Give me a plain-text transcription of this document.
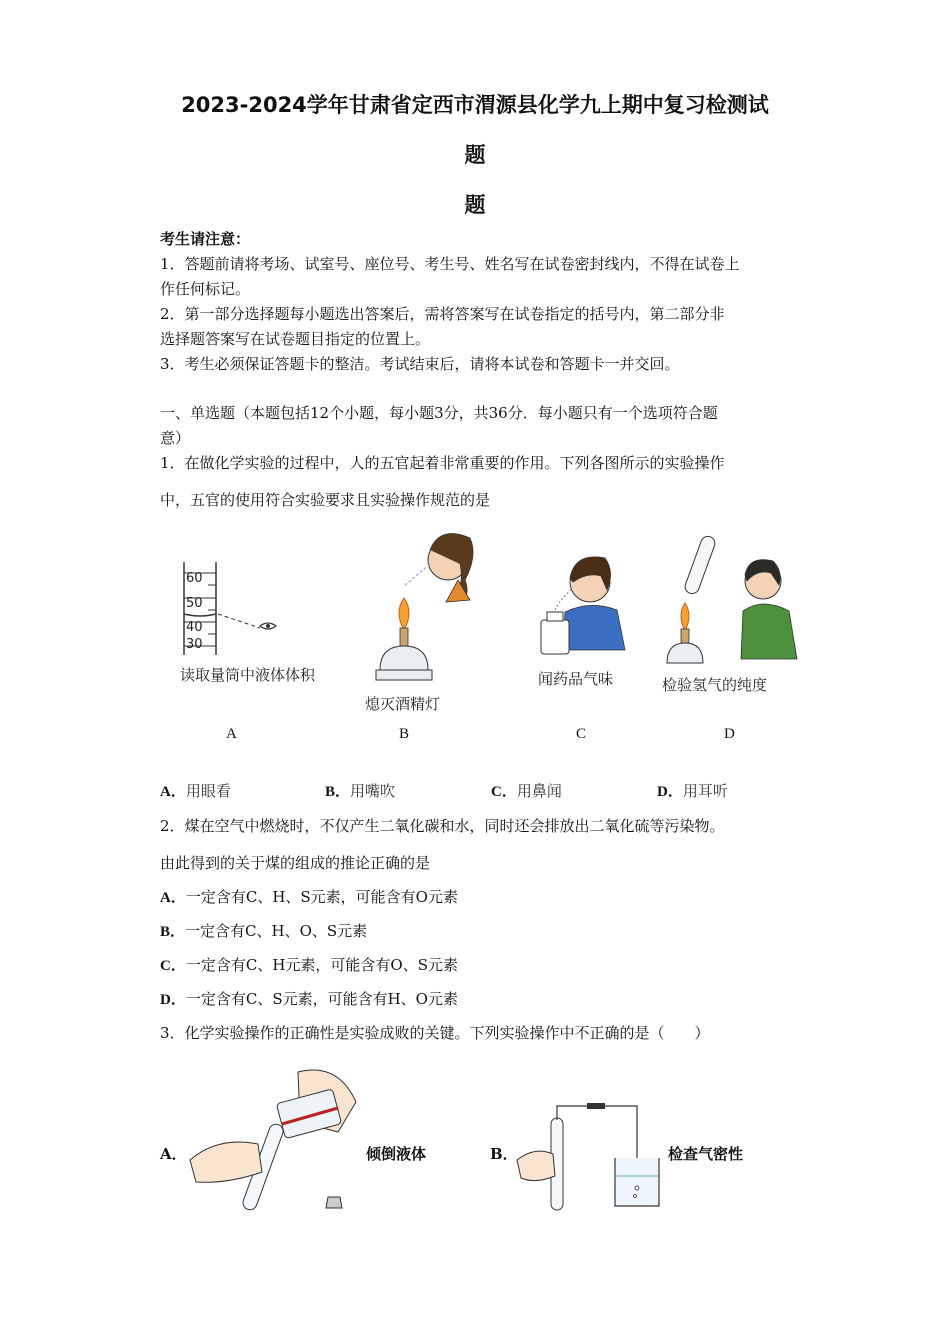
2023-2024学年甘肃省定西市渭源县化学九上期中复习检测试
题
题
考生请注意：
1．答题前请将考场、试室号、座位号、考生号、姓名写在试卷密封线内，不得在试卷上
作任何标记。
2．第一部分选择题每小题选出答案后，需将答案写在试卷指定的括号内，第二部分非
选择题答案写在试卷题目指定的位置上。
3．考生必须保证答题卡的整洁。考试结束后，请将本试卷和答题卡一并交回。
一、单选题（本题包括12个小题，每小题3分，共36分．每小题只有一个选项符合题
意）
1．在做化学实验的过程中，人的五官起着非常重要的作用。下列各图所示的实验操作
中，五官的使用符合实验要求且实验操作规范的是
60
50
40
30
读取量筒中液体体积
A
熄灭酒精灯
B
闻药品气味
C
检验氢气的纯度
D
A．用眼看	B．用嘴吹	C．用鼻闻	D．用耳听
2．煤在空气中燃烧时，不仅产生二氧化碳和水，同时还会排放出二氧化硫等污染物。
由此得到的关于煤的组成的推论正确的是
A．一定含有C、H、S元素，可能含有O元素
B．一定含有C、H、O、S元素
C．一定含有C、H元素，可能含有O、S元素
D．一定含有C、S元素，可能含有H、O元素
3．化学实验操作的正确性是实验成败的关键。下列实验操作中不正确的是（　　）
A．	倾倒液体	B．	检查气密性
